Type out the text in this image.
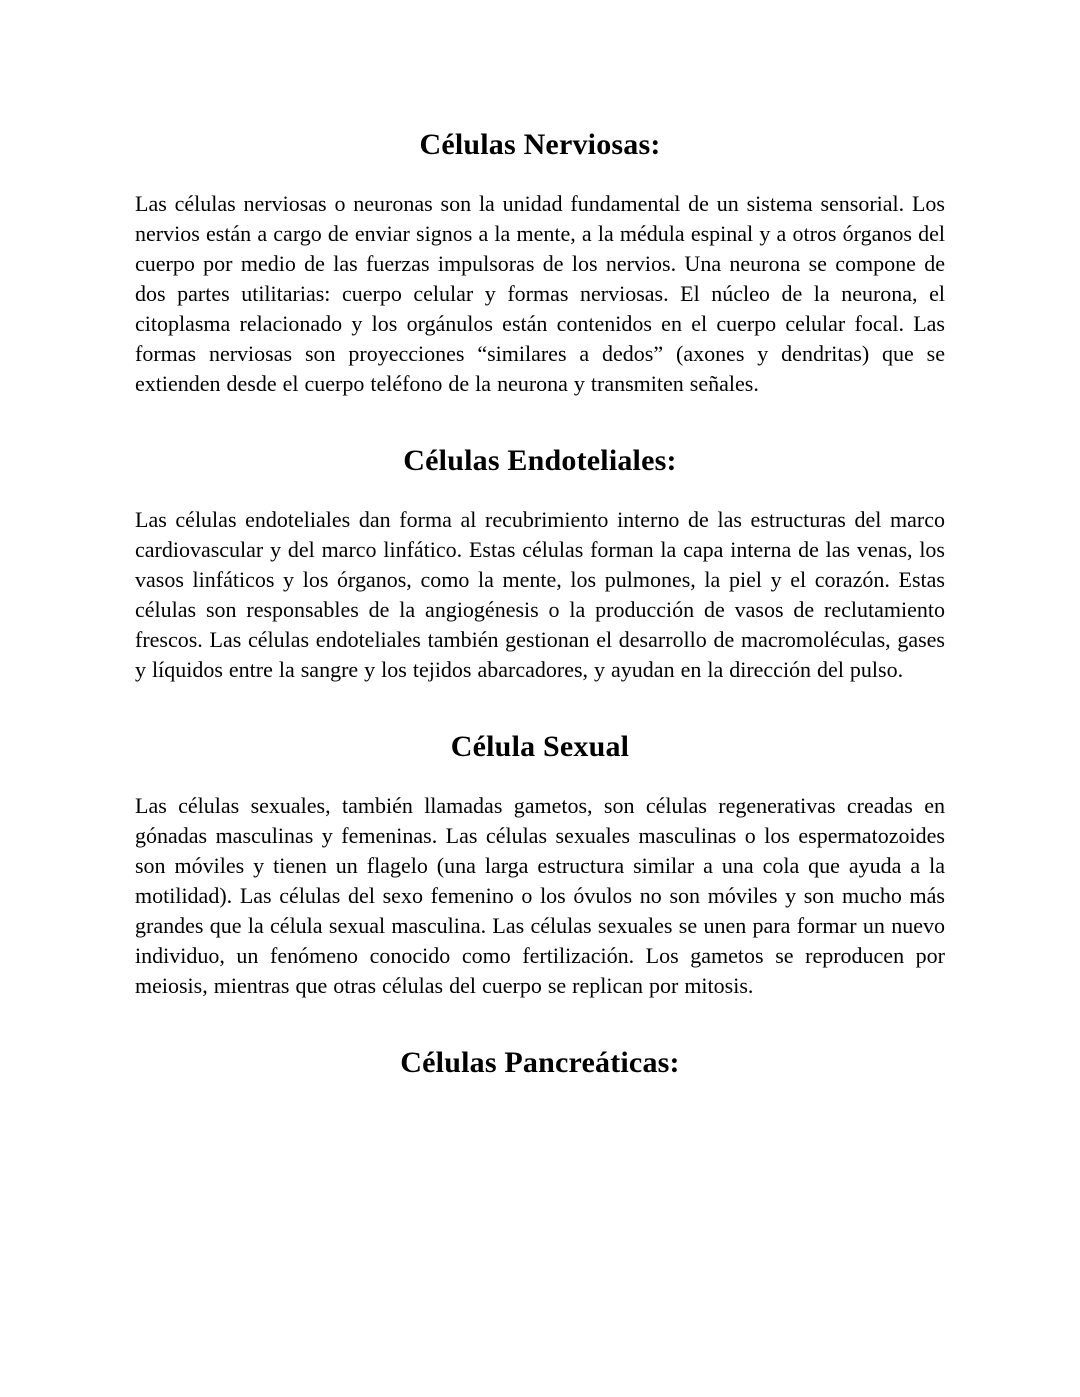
Células Nerviosas:

Las células nerviosas o neuronas son la unidad fundamental de un sistema sensorial. Los nervios están a cargo de enviar signos a la mente, a la médula espinal y a otros órganos del cuerpo por medio de las fuerzas impulsoras de los nervios. Una neurona se compone de dos partes utilitarias: cuerpo celular y formas nerviosas. El núcleo de la neurona, el citoplasma relacionado y los orgánulos están contenidos en el cuerpo celular focal. Las formas nerviosas son proyecciones “similares a dedos” (axones y dendritas) que se extienden desde el cuerpo teléfono de la neurona y transmiten señales.

Células Endoteliales:

Las células endoteliales dan forma al recubrimiento interno de las estructuras del marco cardiovascular y del marco linfático. Estas células forman la capa interna de las venas, los vasos linfáticos y los órganos, como la mente, los pulmones, la piel y el corazón. Estas células son responsables de la angiogénesis o la producción de vasos de reclutamiento frescos. Las células endoteliales también gestionan el desarrollo de macromoléculas, gases y líquidos entre la sangre y los tejidos abarcadores, y ayudan en la dirección del pulso.

Célula Sexual

Las células sexuales, también llamadas gametos, son células regenerativas creadas en gónadas masculinas y femeninas. Las células sexuales masculinas o los espermatozoides son móviles y tienen un flagelo (una larga estructura similar a una cola que ayuda a la motilidad). Las células del sexo femenino o los óvulos no son móviles y son mucho más grandes que la célula sexual masculina. Las células sexuales se unen para formar un nuevo individuo, un fenómeno conocido como fertilización. Los gametos se reproducen por meiosis, mientras que otras células del cuerpo se replican por mitosis.

Células Pancreáticas:
